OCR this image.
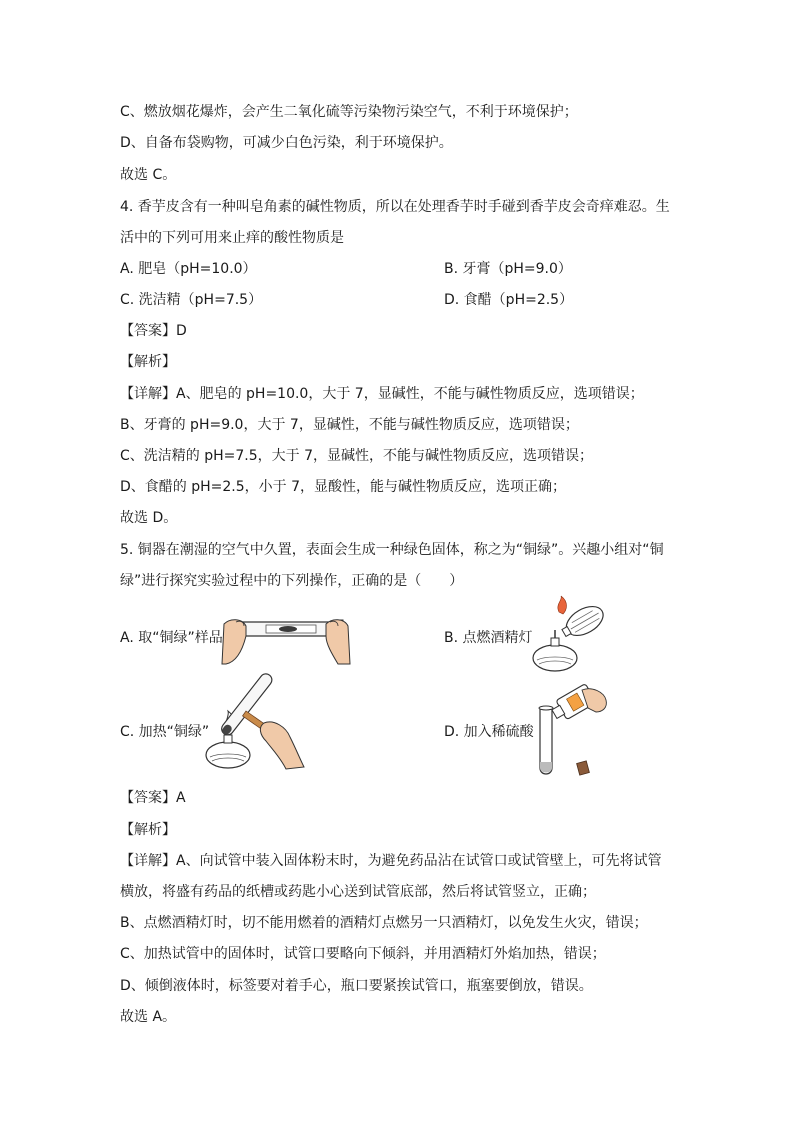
C、燃放烟花爆炸，会产生二氧化硫等污染物污染空气，不利于环境保护；
D、自备布袋购物，可减少白色污染，利于环境保护。
故选 C。
4. 香芋皮含有一种叫皂角素的碱性物质，所以在处理香芋时手碰到香芋皮会奇痒难忍。生
活中的下列可用来止痒的酸性物质是
A. 肥皂（pH=10.0）	B. 牙膏（pH=9.0）
C. 洗洁精（pH=7.5）	D. 食醋（pH=2.5）
【答案】D
【解析】
【详解】A、肥皂的 pH=10.0，大于 7，显碱性，不能与碱性物质反应，选项错误；
B、牙膏的 pH=9.0，大于 7，显碱性，不能与碱性物质反应，选项错误；
C、洗洁精的 pH=7.5，大于 7，显碱性，不能与碱性物质反应，选项错误；
D、食醋的 pH=2.5，小于 7，显酸性，能与碱性物质反应，选项正确；
故选 D。
5. 铜器在潮湿的空气中久置，表面会生成一种绿色固体，称之为“铜绿”。兴趣小组对“铜
绿”进行探究实验过程中的下列操作，正确的是（　　）
A. 取“铜绿”样品	B. 点燃酒精灯
C. 加热“铜绿”	D. 加入稀硫酸
【答案】A
【解析】
【详解】A、向试管中装入固体粉末时，为避免药品沾在试管口或试管壁上，可先将试管
横放，将盛有药品的纸槽或药匙小心送到试管底部，然后将试管竖立，正确；
B、点燃酒精灯时，切不能用燃着的酒精灯点燃另一只酒精灯，以免发生火灾，错误；
C、加热试管中的固体时，试管口要略向下倾斜，并用酒精灯外焰加热，错误；
D、倾倒液体时，标签要对着手心，瓶口要紧挨试管口，瓶塞要倒放，错误。
故选 A。
